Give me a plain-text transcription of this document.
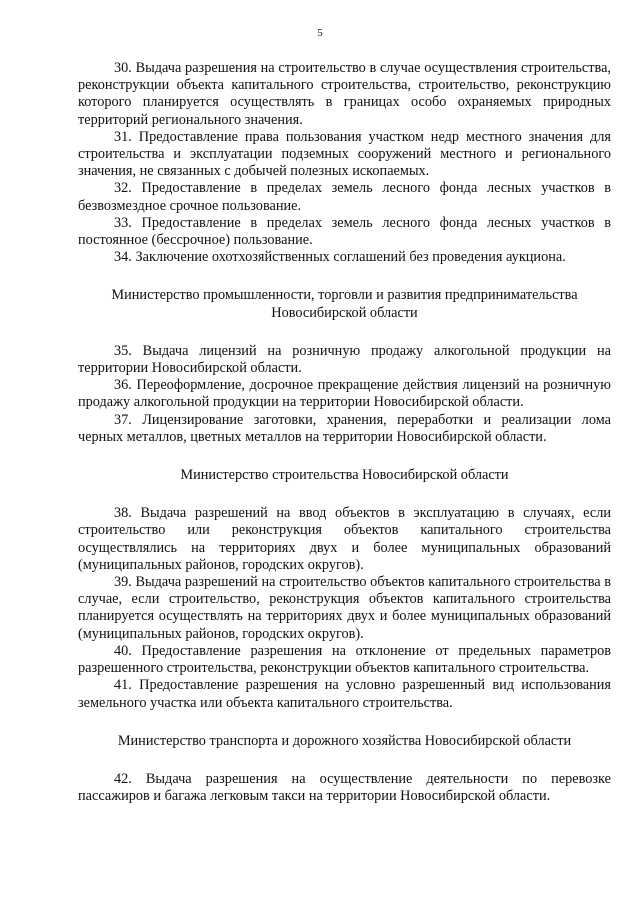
5

30. Выдача разрешения на строительство в случае осуществления строительства, реконструкции объекта капитального строительства, строительство, реконструкцию которого планируется осуществлять в границах особо охраняемых природных территорий регионального значения.

31. Предоставление права пользования участком недр местного значения для строительства и эксплуатации подземных сооружений местного и регионального значения, не связанных с добычей полезных ископаемых.

32. Предоставление в пределах земель лесного фонда лесных участков в безвозмездное срочное пользование.

33. Предоставление в пределах земель лесного фонда лесных участков в постоянное (бессрочное) пользование.

34. Заключение охотхозяйственных соглашений без проведения аукциона.

Министерство промышленности, торговли и развития предпринимательства Новосибирской области

35. Выдача лицензий на розничную продажу алкогольной продукции на территории Новосибирской области.

36. Переоформление, досрочное прекращение действия лицензий на розничную продажу алкогольной продукции на территории Новосибирской области.

37. Лицензирование заготовки, хранения, переработки и реализации лома черных металлов, цветных металлов на территории Новосибирской области.

Министерство строительства Новосибирской области

38. Выдача разрешений на ввод объектов в эксплуатацию в случаях, если строительство или реконструкция объектов капитального строительства осуществлялись на территориях двух и более муниципальных образований (муниципальных районов, городских округов).

39. Выдача разрешений на строительство объектов капитального строительства в случае, если строительство, реконструкция объектов капитального строительства планируется осуществлять на территориях двух и более муниципальных образований (муниципальных районов, городских округов).

40. Предоставление разрешения на отклонение от предельных параметров разрешенного строительства, реконструкции объектов капитального строительства.

41. Предоставление разрешения на условно разрешенный вид использования земельного участка или объекта капитального строительства.

Министерство транспорта и дорожного хозяйства Новосибирской области

42. Выдача разрешения на осуществление деятельности по перевозке пассажиров и багажа легковым такси на территории Новосибирской области.
